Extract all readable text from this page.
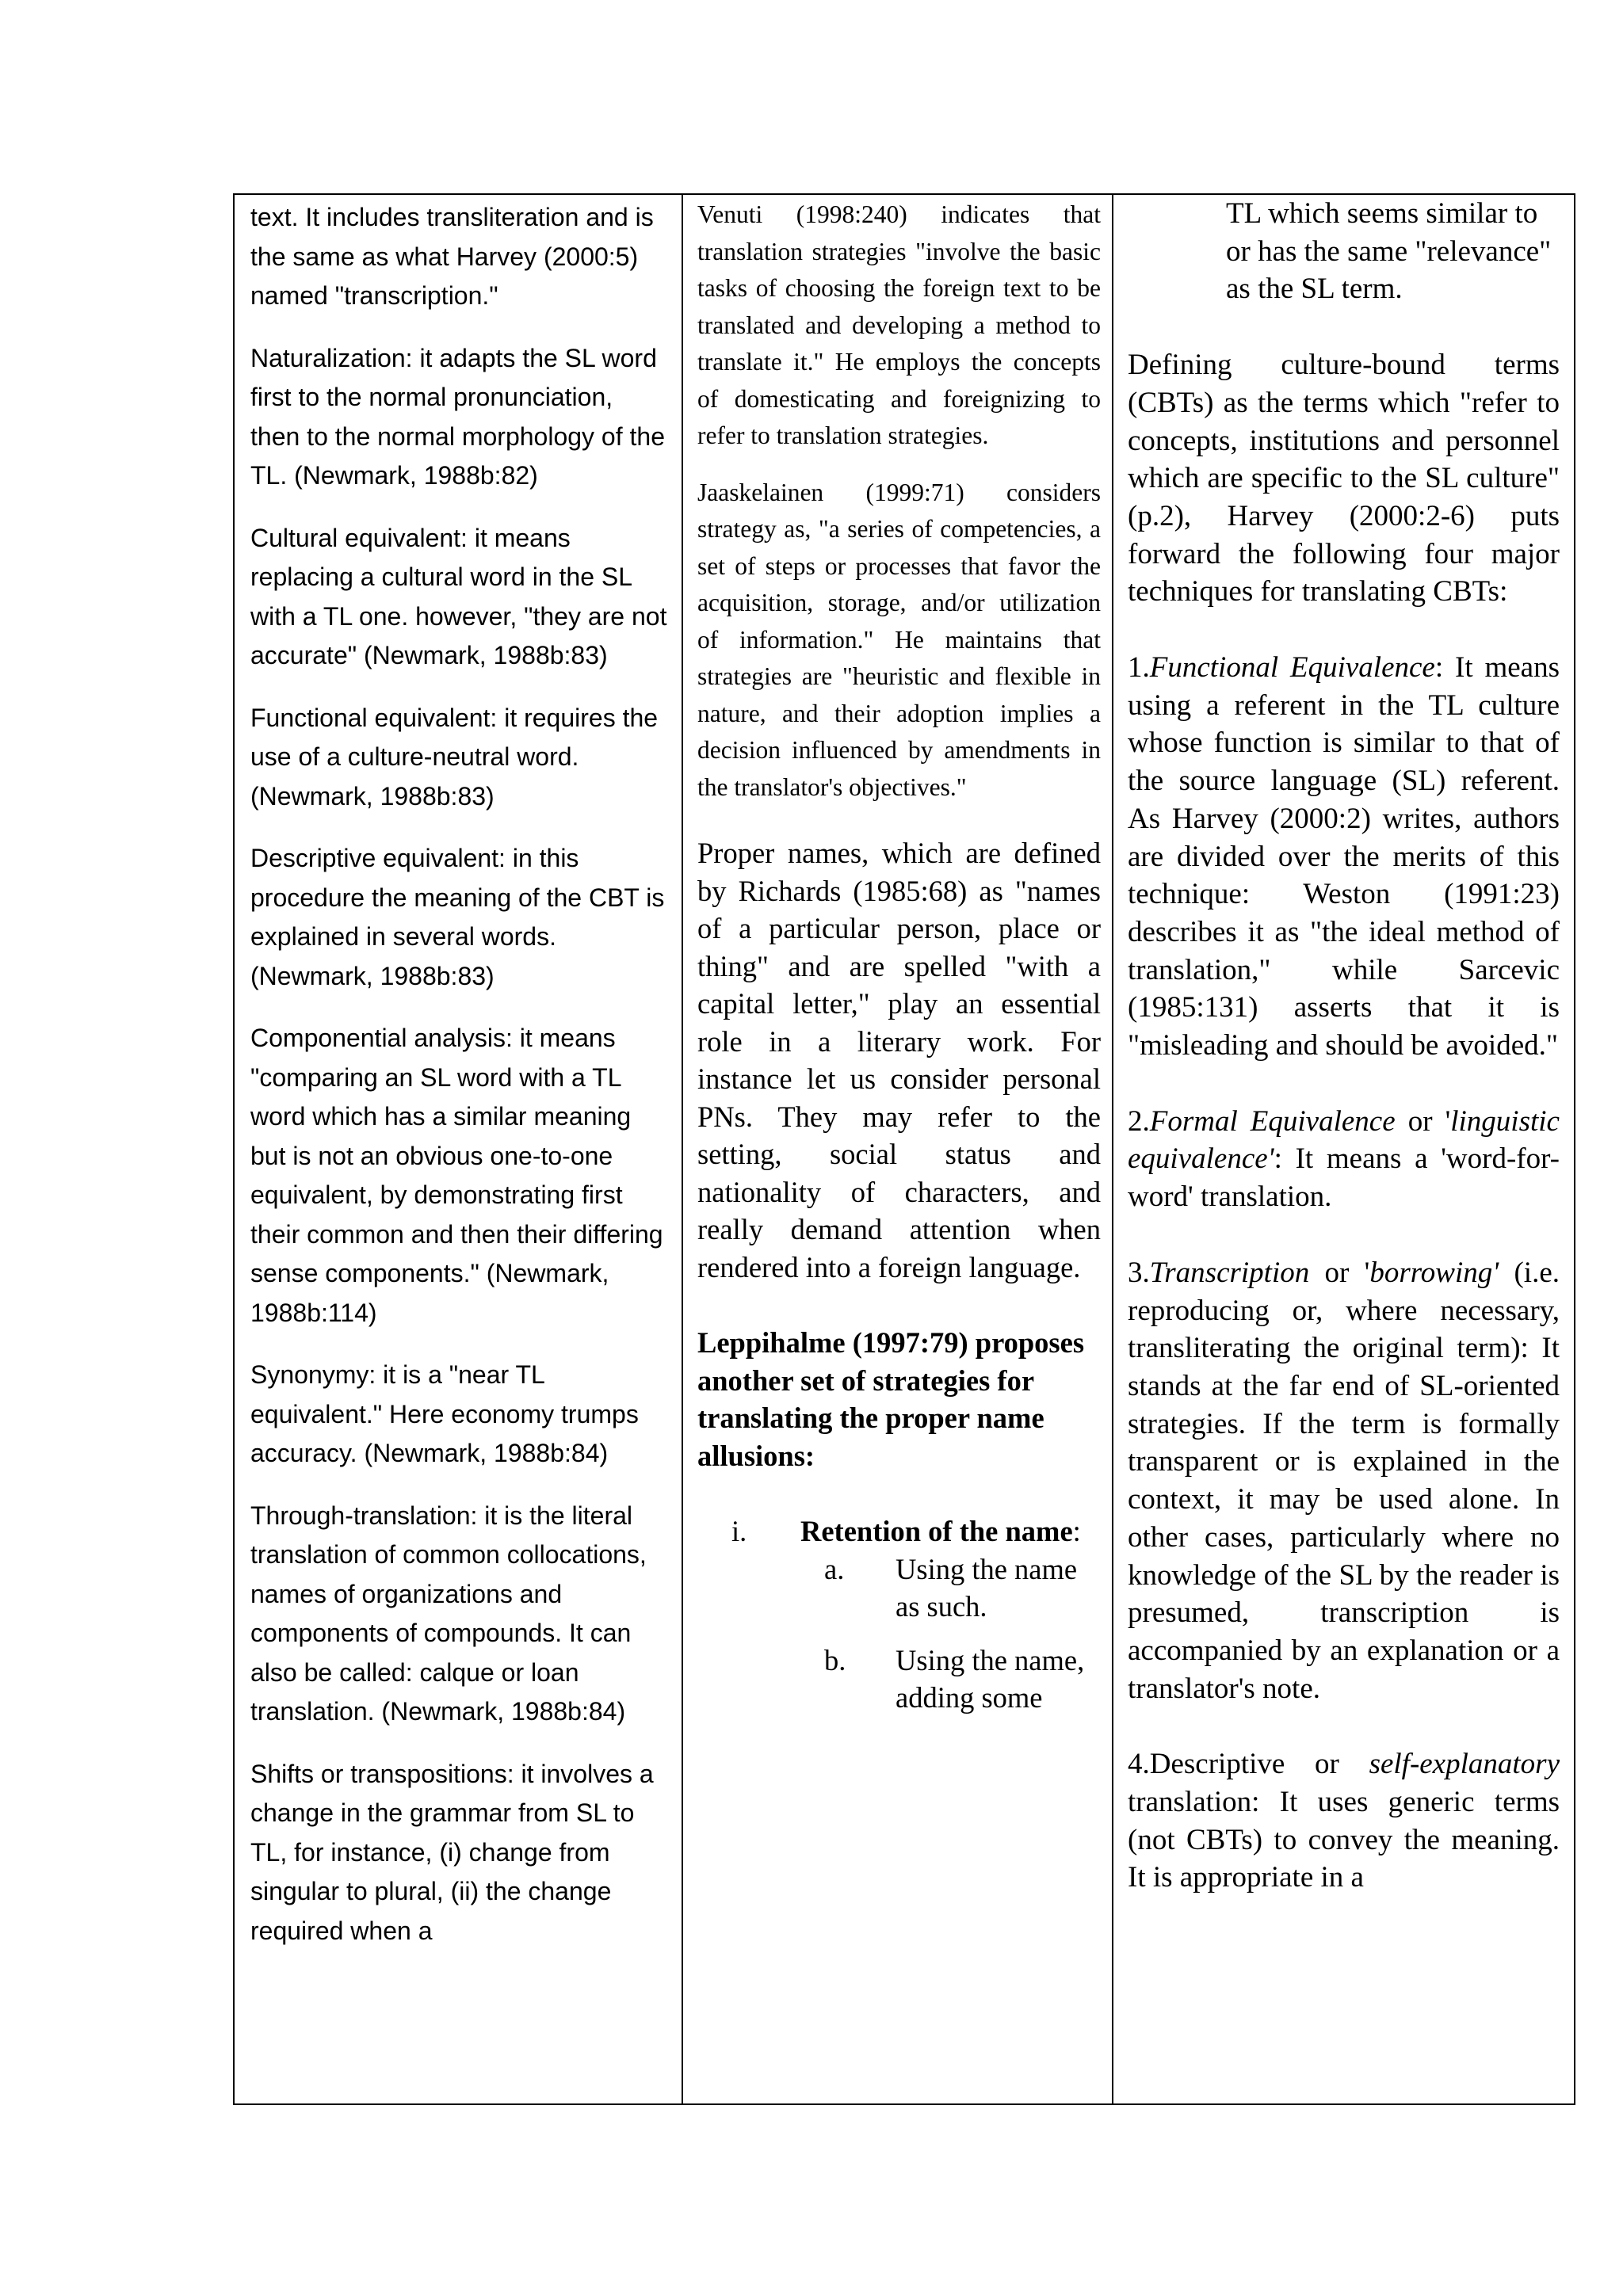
text. It includes transliteration and is the same as what Harvey (2000:5) named "transcription."

Naturalization: it adapts the SL word first to the normal pronunciation, then to the normal morphology of the TL. (Newmark, 1988b:82)

Cultural equivalent: it means replacing a cultural word in the SL with a TL one. however, "they are not accurate" (Newmark, 1988b:83)

Functional equivalent: it requires the use of a culture-neutral word. (Newmark, 1988b:83)

Descriptive equivalent: in this procedure the meaning of the CBT is explained in several words. (Newmark, 1988b:83)

Componential analysis: it means "comparing an SL word with a TL word which has a similar meaning but is not an obvious one-to-one equivalent, by demonstrating first their common and then their differing sense components." (Newmark, 1988b:114)

Synonymy: it is a "near TL equivalent." Here economy trumps accuracy. (Newmark, 1988b:84)

Through-translation: it is the literal translation of common collocations, names of organizations and components of compounds. It can also be called: calque or loan translation. (Newmark, 1988b:84)

Shifts or transpositions: it involves a change in the grammar from SL to TL, for instance, (i) change from singular to plural, (ii) the change required when a

Venuti (1998:240) indicates that translation strategies "involve the basic tasks of choosing the foreign text to be translated and developing a method to translate it." He employs the concepts of domesticating and foreignizing to refer to translation strategies.

Jaaskelainen (1999:71) considers strategy as, "a series of competencies, a set of steps or processes that favor the acquisition, storage, and/or utilization of information." He maintains that strategies are "heuristic and flexible in nature, and their adoption implies a decision influenced by amendments in the translator's objectives."

Proper names, which are defined by Richards (1985:68) as "names of a particular person, place or thing" and are spelled "with a capital letter," play an essential role in a literary work. For instance let us consider personal PNs. They may refer to the setting, social status and nationality of characters, and really demand attention when rendered into a foreign language.

Leppihalme (1997:79) proposes another set of strategies for translating the proper name allusions:

i.	Retention of the name:
a.	Using the name as such.
b.	Using the name, adding some
TL which seems similar to or has the same "relevance" as the SL term.

Defining culture-bound terms (CBTs) as the terms which "refer to concepts, institutions and personnel which are specific to the SL culture" (p.2), Harvey (2000:2-6) puts forward the following four major techniques for translating CBTs:

1.Functional Equivalence: It means using a referent in the TL culture whose function is similar to that of the source language (SL) referent. As Harvey (2000:2) writes, authors are divided over the merits of this technique: Weston (1991:23) describes it as "the ideal method of translation," while Sarcevic (1985:131) asserts that it is "misleading and should be avoided."

2.Formal Equivalence or 'linguistic equivalence': It means a 'word-for-word' translation.

3.Transcription or 'borrowing' (i.e. reproducing or, where necessary, transliterating the original term): It stands at the far end of SL-oriented strategies. If the term is formally transparent or is explained in the context, it may be used alone. In other cases, particularly where no knowledge of the SL by the reader is presumed, transcription is accompanied by an explanation or a translator's note.

4.Descriptive or self-explanatory translation: It uses generic terms (not CBTs) to convey the meaning. It is appropriate in a
